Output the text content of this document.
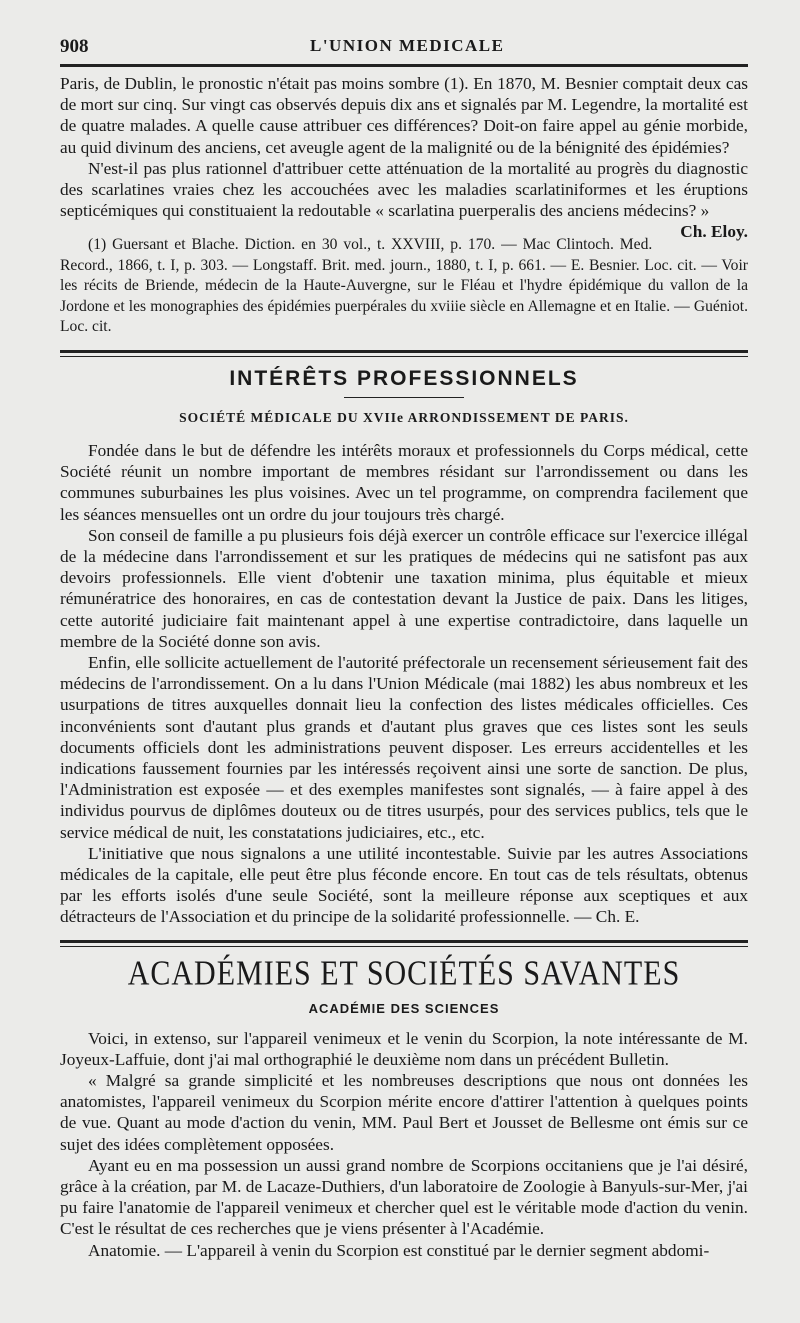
908	L'UNION MEDICALE

Paris, de Dublin, le pronostic n'était pas moins sombre (1). En 1870, M. Besnier comptait deux cas de mort sur cinq. Sur vingt cas observés depuis dix ans et signalés par M. Legendre, la mortalité est de quatre malades. A quelle cause attribuer ces différences? Doit-on faire appel au génie morbide, au quid divinum des anciens, cet aveugle agent de la malignité ou de la bénignité des épidémies?

N'est-il pas plus rationnel d'attribuer cette atténuation de la mortalité au progrès du diagnostic des scarlatines vraies chez les accouchées avec les maladies scarlatiniformes et les éruptions septicémiques qui constituaient la redoutable « scarlatina puerperalis des anciens médecins? »
Ch. Eloy.

(1) Guersant et Blache. Diction. en 30 vol., t. XXVIII, p. 170. — Mac Clintoch. Med. Record., 1866, t. I, p. 303. — Longstaff. Brit. med. journ., 1880, t. I, p. 661. — E. Besnier. Loc. cit. — Voir les récits de Briende, médecin de la Haute-Auvergne, sur le Fléau et l'hydre épidémique du vallon de la Jordone et les monographies des épidémies puerpérales du xviiie siècle en Allemagne et en Italie. — Guéniot. Loc. cit.

INTÉRÊTS PROFESSIONNELS
SOCIÉTÉ MÉDICALE DU XVIIe ARRONDISSEMENT DE PARIS.

Fondée dans le but de défendre les intérêts moraux et professionnels du Corps médical, cette Société réunit un nombre important de membres résidant sur l'arrondissement ou dans les communes suburbaines les plus voisines. Avec un tel programme, on comprendra facilement que les séances mensuelles ont un ordre du jour toujours très chargé.

Son conseil de famille a pu plusieurs fois déjà exercer un contrôle efficace sur l'exercice illégal de la médecine dans l'arrondissement et sur les pratiques de médecins qui ne satisfont pas aux devoirs professionnels. Elle vient d'obtenir une taxation minima, plus équitable et mieux rémunératrice des honoraires, en cas de contestation devant la Justice de paix. Dans les litiges, cette autorité judiciaire fait maintenant appel à une expertise contradictoire, dans laquelle un membre de la Société donne son avis.

Enfin, elle sollicite actuellement de l'autorité préfectorale un recensement sérieusement fait des médecins de l'arrondissement. On a lu dans l'Union Médicale (mai 1882) les abus nombreux et les usurpations de titres auxquelles donnait lieu la confection des listes médicales officielles. Ces inconvénients sont d'autant plus grands et d'autant plus graves que ces listes sont les seuls documents officiels dont les administrations peuvent disposer. Les erreurs accidentelles et les indications faussement fournies par les intéressés reçoivent ainsi une sorte de sanction. De plus, l'Administration est exposée — et des exemples manifestes sont signalés, — à faire appel à des individus pourvus de diplômes douteux ou de titres usurpés, pour des services publics, tels que le service médical de nuit, les constatations judiciaires, etc., etc.

L'initiative que nous signalons a une utilité incontestable. Suivie par les autres Associations médicales de la capitale, elle peut être plus féconde encore. En tout cas de tels résultats, obtenus par les efforts isolés d'une seule Société, sont la meilleure réponse aux sceptiques et aux détracteurs de l'Association et du principe de la solidarité professionnelle. — Ch. E.

ACADÉMIES ET SOCIÉTÉS SAVANTES
ACADÉMIE DES SCIENCES

Voici, in extenso, sur l'appareil venimeux et le venin du Scorpion, la note intéressante de M. Joyeux-Laffuie, dont j'ai mal orthographié le deuxième nom dans un précédent Bulletin.

« Malgré sa grande simplicité et les nombreuses descriptions que nous ont données les anatomistes, l'appareil venimeux du Scorpion mérite encore d'attirer l'attention à quelques points de vue. Quant au mode d'action du venin, MM. Paul Bert et Jousset de Bellesme ont émis sur ce sujet des idées complètement opposées.

Ayant eu en ma possession un aussi grand nombre de Scorpions occitaniens que je l'ai désiré, grâce à la création, par M. de Lacaze-Duthiers, d'un laboratoire de Zoologie à Banyuls-sur-Mer, j'ai pu faire l'anatomie de l'appareil venimeux et chercher quel est le véritable mode d'action du venin. C'est le résultat de ces recherches que je viens présenter à l'Académie.

Anatomie. — L'appareil à venin du Scorpion est constitué par le dernier segment abdomi-
